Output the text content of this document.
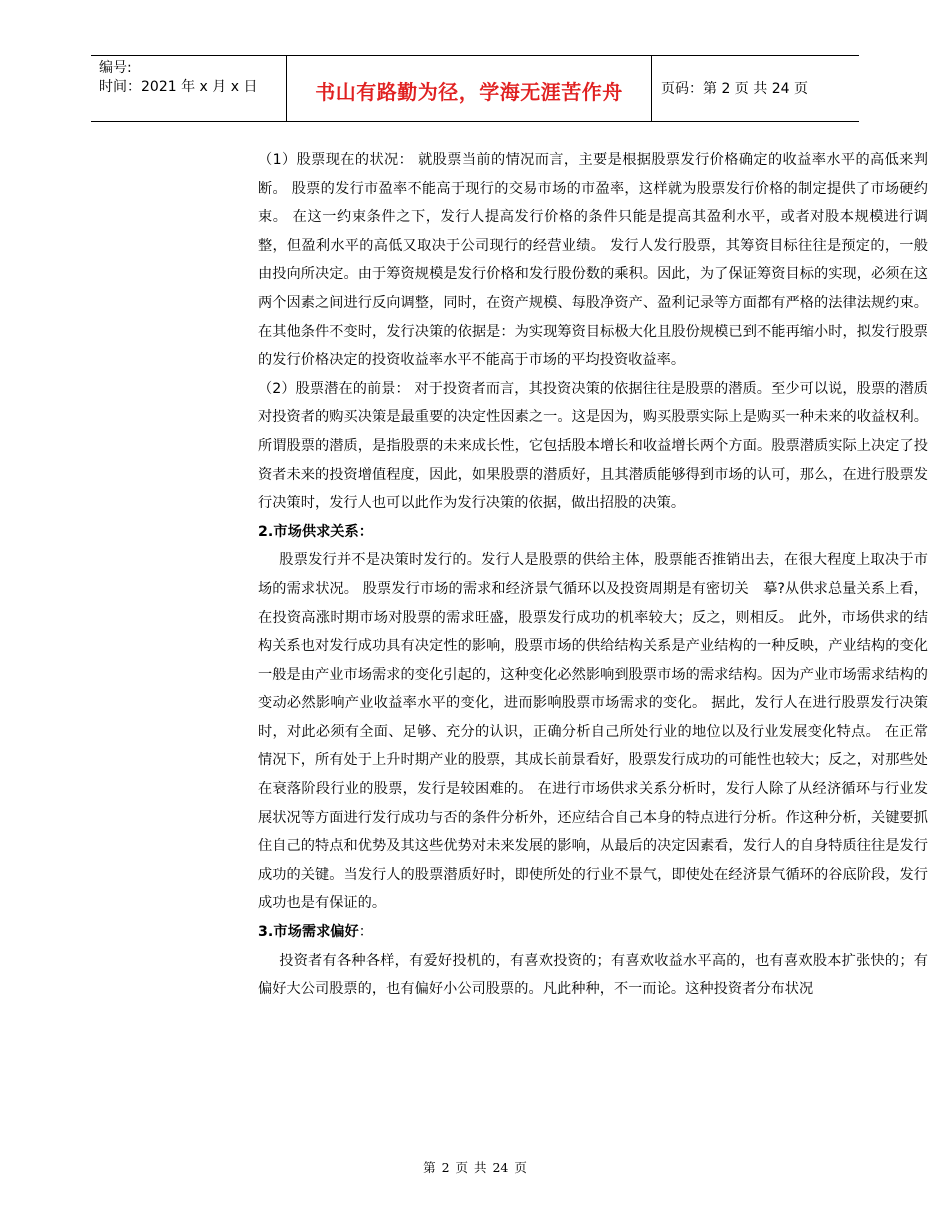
编号:
时间：2021 年 x 月 x 日	书山有路勤为径，学海无涯苦作舟	页码：第 2 页 共 24 页

（1）股票现在的状况： 就股票当前的情况而言，主要是根据股票发行价格确定的收益率水平的高低来判断。 股票的发行市盈率不能高于现行的交易市场的市盈率，这样就为股票发行价格的制定提供了市场硬约束。 在这一约束条件之下，发行人提高发行价格的条件只能是提高其盈利水平，或者对股本规模进行调整，但盈利水平的高低又取决于公司现行的经营业绩。 发行人发行股票，其筹资目标往往是预定的，一般由投向所决定。由于筹资规模是发行价格和发行股份数的乘积。因此，为了保证筹资目标的实现，必须在这两个因素之间进行反向调整，同时，在资产规模、每股净资产、盈利记录等方面都有严格的法律法规约束。 在其他条件不变时，发行决策的依据是：为实现筹资目标极大化且股份规模已到不能再缩小时，拟发行股票的发行价格决定的投资收益率水平不能高于市场的平均投资收益率。

（2）股票潜在的前景： 对于投资者而言，其投资决策的依据往往是股票的潜质。至少可以说，股票的潜质对投资者的购买决策是最重要的决定性因素之一。这是因为，购买股票实际上是购买一种未来的收益权利。 所谓股票的潜质，是指股票的未来成长性，它包括股本增长和收益增长两个方面。股票潜质实际上决定了投资者未来的投资增值程度，因此，如果股票的潜质好，且其潜质能够得到市场的认可，那么，在进行股票发行决策时，发行人也可以此作为发行决策的依据，做出招股的决策。

2.市场供求关系：

股票发行并不是决策时发行的。发行人是股票的供给主体，股票能否推销出去，在很大程度上取决于市场的需求状况。 股票发行市场的需求和经济景气循环以及投资周期是有密切关　摹?从供求总量关系上看，在投资高涨时期市场对股票的需求旺盛，股票发行成功的机率较大；反之，则相反。 此外，市场供求的结构关系也对发行成功具有决定性的影响，股票市场的供给结构关系是产业结构的一种反映，产业结构的变化一般是由产业市场需求的变化引起的，这种变化必然影响到股票市场的需求结构。因为产业市场需求结构的变动必然影响产业收益率水平的变化，进而影响股票市场需求的变化。 据此，发行人在进行股票发行决策时，对此必须有全面、足够、充分的认识，正确分析自己所处行业的地位以及行业发展变化特点。 在正常情况下，所有处于上升时期产业的股票，其成长前景看好，股票发行成功的可能性也较大；反之，对那些处在衰落阶段行业的股票，发行是较困难的。 在进行市场供求关系分析时，发行人除了从经济循环与行业发展状况等方面进行发行成功与否的条件分析外，还应结合自己本身的特点进行分析。作这种分析，关键要抓住自己的特点和优势及其这些优势对未来发展的影响，从最后的决定因素看，发行人的自身特质往往是发行成功的关键。当发行人的股票潜质好时，即使所处的行业不景气，即使处在经济景气循环的谷底阶段，发行成功也是有保证的。

3.市场需求偏好：

投资者有各种各样，有爱好投机的，有喜欢投资的；有喜欢收益水平高的，也有喜欢股本扩张快的；有偏好大公司股票的，也有偏好小公司股票的。凡此种种，不一而论。这种投资者分布状况

第 2 页 共 24 页
